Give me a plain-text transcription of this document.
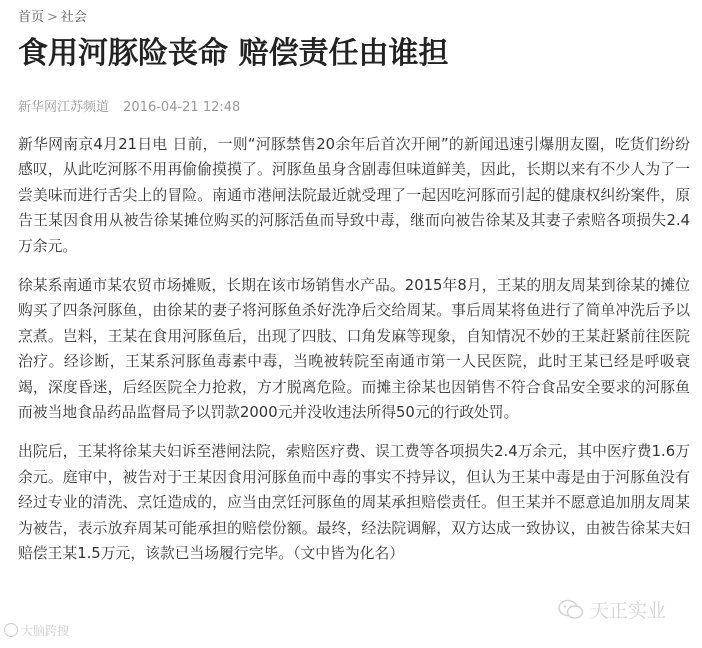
首页 > 社会
食用河豚险丧命 赔偿责任由谁担
新华网江苏频道 2016-04-21 12:48

新华网南京4月21日电 日前，一则“河豚禁售20余年后首次开闸”的新闻迅速引爆朋友圈，吃货们纷纷感叹，从此吃河豚不用再偷偷摸摸了。河豚鱼虽身含剧毒但味道鲜美，因此，长期以来有不少人为了一尝美味而进行舌尖上的冒险。南通市港闸法院最近就受理了一起因吃河豚而引起的健康权纠纷案件，原告王某因食用从被告徐某摊位购买的河豚活鱼而导致中毒，继而向被告徐某及其妻子索赔各项损失2.4万余元。

徐某系南通市某农贸市场摊贩，长期在该市场销售水产品。2015年8月，王某的朋友周某到徐某的摊位购买了四条河豚鱼，由徐某的妻子将河豚鱼杀好洗净后交给周某。事后周某将鱼进行了简单冲洗后予以烹煮。岂料，王某在食用河豚鱼后，出现了四肢、口角发麻等现象，自知情况不妙的王某赶紧前往医院治疗。经诊断，王某系河豚鱼毒素中毒，当晚被转院至南通市第一人民医院，此时王某已经是呼吸衰竭，深度昏迷，后经医院全力抢救，方才脱离危险。而摊主徐某也因销售不符合食品安全要求的河豚鱼而被当地食品药品监督局予以罚款2000元并没收违法所得50元的行政处罚。

出院后，王某将徐某夫妇诉至港闸法院，索赔医疗费、误工费等各项损失2.4万余元，其中医疗费1.6万余元。庭审中，被告对于王某因食用河豚鱼而中毒的事实不持异议，但认为王某中毒是由于河豚鱼没有经过专业的清洗、烹饪造成的，应当由烹饪河豚鱼的周某承担赔偿责任。但王某并不愿意追加朋友周某为被告，表示放弃周某可能承担的赔偿份额。最终，经法院调解，双方达成一致协议，由被告徐某夫妇赔偿王某1.5万元，该款已当场履行完毕。（文中皆为化名）

大脑跨搜
天正实业
